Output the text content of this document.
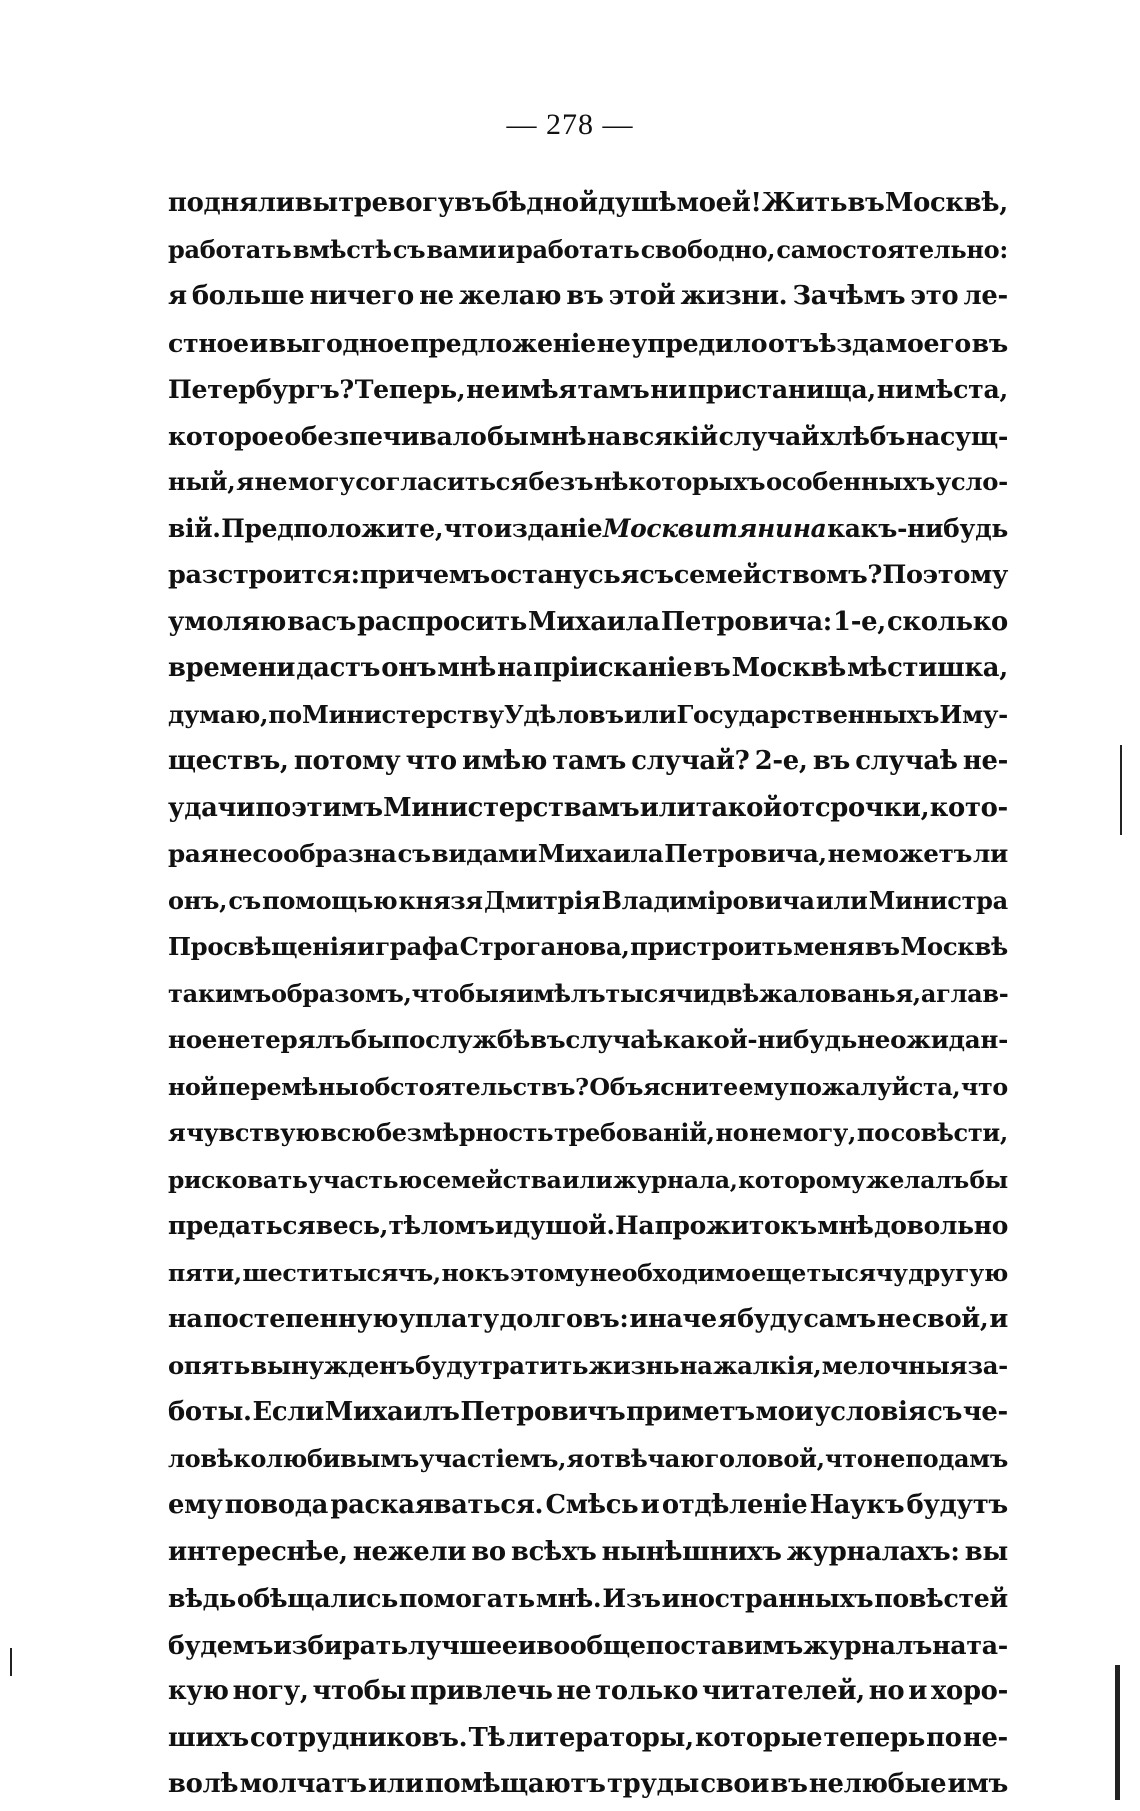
— 278 —
подняли вы тревогу въ бѣдной душѣ моей! Жить въ Москвѣ,
работать вмѣстѣ съ вами и работать свободно, самостоятельно:
я больше ничего не желаю въ этой жизни. Зачѣмъ это ле-
стное и выгодное предложеніе не упредило отъѣзда моего въ
Петербургъ? Теперь, не имѣя тамъ ни пристанища, ни мѣста,
которое обезпечивало бы мнѣ на всякій случай хлѣбъ насущ-
ный, я не могу согласиться безъ нѣкоторыхъ особенныхъ усло-
вій. Предположите, что изданіе Москвитянина какъ-нибудь
разстроится: при чемъ останусь я съ семействомъ? Поэтому
умоляю васъ распросить Михаила Петровича: 1-е, сколько
времени дастъ онъ мнѣ на пріисканіе въ Москвѣ мѣстишка,
думаю, по Министерству Удѣловъ или Государственныхъ Иму-
ществъ, потому что имѣю тамъ случай? 2-е, въ случаѣ не-
удачи по этимъ Министерствамъ или такой отсрочки, кото-
рая несообразна съ видами Михаила Петровича, не можетъ ли
онъ, съ помощью князя Дмитрія Владиміровича или Министра
Просвѣщенія и графа Строганова, пристроить меня въ Москвѣ
такимъ образомъ, чтобы я имѣлъ тысячи двѣ жалованья, а глав-
ное не терялъ бы по службѣ въ случаѣ какой-нибудь неожидан-
ной перемѣны обстоятельствъ? Объясните ему пожалуйста, что
я чувствую всю безмѣрность требованій, но не могу, по совѣсти,
рисковать участью семейства или журнала, которому желалъ бы
предаться весь, тѣломъ и душой. На прожитокъ мнѣ довольно
пяти, шести тысячъ, но къ этому необходимо еще тысячу другую
на постепенную уплату долговъ: иначе я буду самъ не свой, и
опять вынужденъ буду тратить жизнь на жалкія, мелочныя за-
боты. Если Михаилъ Петровичъ приметъ мои условія съ че-
ловѣколюбивымъ участіемъ, я отвѣчаю головой, что не подамъ
ему повода раскаяваться. Смѣсь и отдѣленіе Наукъ будутъ
интереснѣе, нежели во всѣхъ нынѣшнихъ журналахъ: вы
вѣдь обѣщались помогать мнѣ. Изъ иностранныхъ повѣстей
будемъ избирать лучшее и вообще поставимъ журналъ на та-
кую ногу, чтобы привлечь не только читателей, но и хоро-
шихъ сотрудниковъ. Тѣ литераторы, которые теперь по не-
волѣ молчатъ или помѣщаютъ труды свои въ нелюбые имъ
